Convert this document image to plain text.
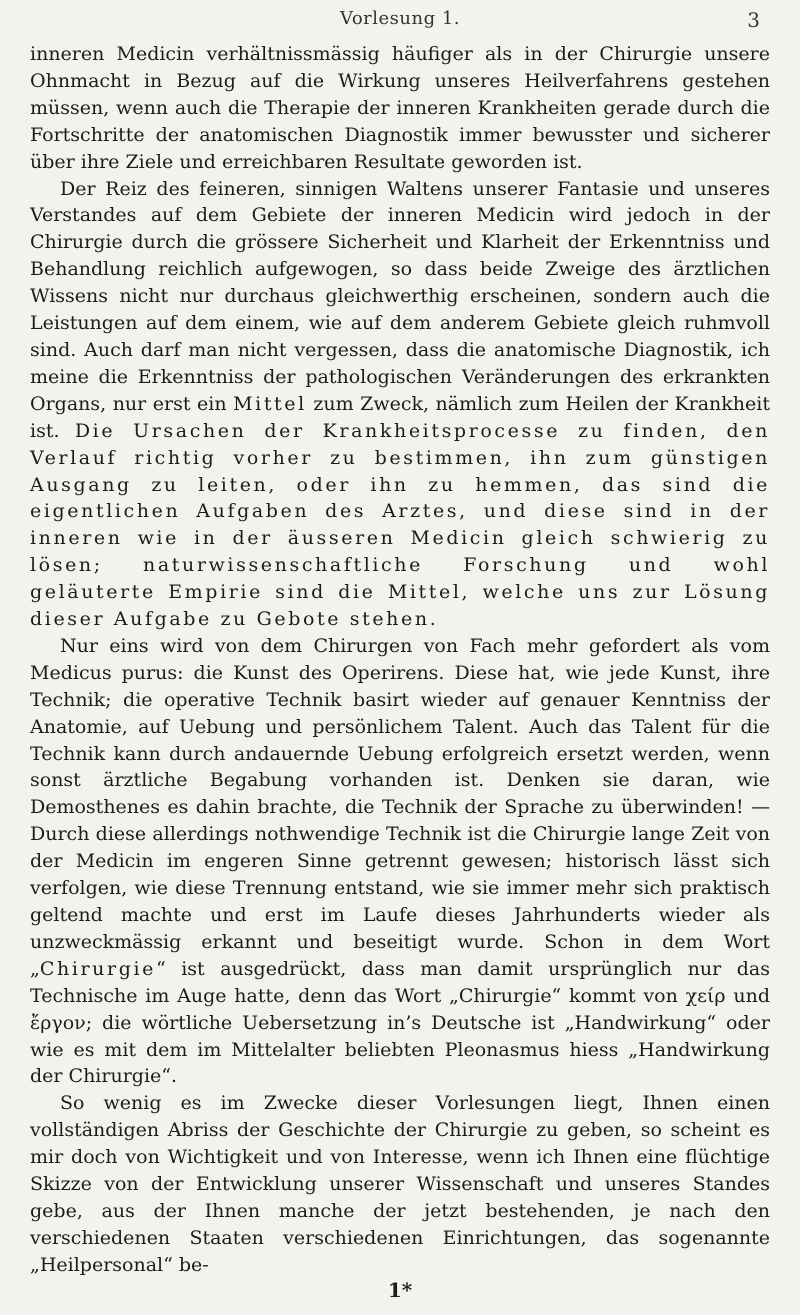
Vorlesung 1.	3

inneren Medicin verhältnissmässig häufiger als in der Chirurgie unsere Ohnmacht in Bezug auf die Wirkung unseres Heilverfahrens gestehen müssen, wenn auch die Therapie der inneren Krankheiten gerade durch die Fortschritte der anatomischen Diagnostik immer bewusster und sicherer über ihre Ziele und erreichbaren Resultate geworden ist.

Der Reiz des feineren, sinnigen Waltens unserer Fantasie und unseres Verstandes auf dem Gebiete der inneren Medicin wird jedoch in der Chirurgie durch die grössere Sicherheit und Klarheit der Erkenntniss und Behandlung reichlich aufgewogen, so dass beide Zweige des ärztlichen Wissens nicht nur durchaus gleichwerthig erscheinen, sondern auch die Leistungen auf dem einem, wie auf dem anderem Gebiete gleich ruhmvoll sind. Auch darf man nicht vergessen, dass die anatomische Diagnostik, ich meine die Erkenntniss der pathologischen Veränderungen des erkrankten Organs, nur erst ein Mittel zum Zweck, nämlich zum Heilen der Krankheit ist. Die Ursachen der Krankheitsprocesse zu finden, den Verlauf richtig vorher zu bestimmen, ihn zum günstigen Ausgang zu leiten, oder ihn zu hemmen, das sind die eigentlichen Aufgaben des Arztes, und diese sind in der inneren wie in der äusseren Medicin gleich schwierig zu lösen; naturwissenschaftliche Forschung und wohl geläuterte Empirie sind die Mittel, welche uns zur Lösung dieser Aufgabe zu Gebote stehen.

Nur eins wird von dem Chirurgen von Fach mehr gefordert als vom Medicus purus: die Kunst des Operirens. Diese hat, wie jede Kunst, ihre Technik; die operative Technik basirt wieder auf genauer Kenntniss der Anatomie, auf Uebung und persönlichem Talent. Auch das Talent für die Technik kann durch andauernde Uebung erfolgreich ersetzt werden, wenn sonst ärztliche Begabung vorhanden ist. Denken sie daran, wie Demosthenes es dahin brachte, die Technik der Sprache zu überwinden! — Durch diese allerdings nothwendige Technik ist die Chirurgie lange Zeit von der Medicin im engeren Sinne getrennt gewesen; historisch lässt sich verfolgen, wie diese Trennung entstand, wie sie immer mehr sich praktisch geltend machte und erst im Laufe dieses Jahrhunderts wieder als unzweckmässig erkannt und beseitigt wurde. Schon in dem Wort „Chirurgie“ ist ausgedrückt, dass man damit ursprünglich nur das Technische im Auge hatte, denn das Wort „Chirurgie“ kommt von χείρ und ἔργον; die wörtliche Uebersetzung in’s Deutsche ist „Handwirkung“ oder wie es mit dem im Mittelalter beliebten Pleonasmus hiess „Handwirkung der Chirurgie“.

So wenig es im Zwecke dieser Vorlesungen liegt, Ihnen einen vollständigen Abriss der Geschichte der Chirurgie zu geben, so scheint es mir doch von Wichtigkeit und von Interesse, wenn ich Ihnen eine flüchtige Skizze von der Entwicklung unserer Wissenschaft und unseres Standes gebe, aus der Ihnen manche der jetzt bestehenden, je nach den verschiedenen Staaten verschiedenen Einrichtungen, das sogenannte „Heilpersonal“ be-

1*
